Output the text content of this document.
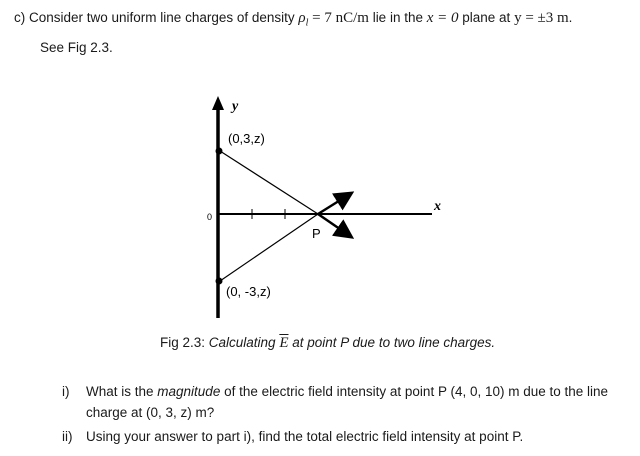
c) Consider two uniform line charges of density $\rho_l = 7$ nC/m lie in the x = 0 plane at y = ±3 m.
See Fig 2.3.
y
x
0
(0,3,z)
(0, -3,z)
P
Fig 2.3: Calculating $\overline{E}$ at point P due to two line charges.
i) What is the magnitude of the electric field intensity at point P (4, 0, 10) m due to the line
charge at (0, 3, z) m?
ii) Using your answer to part i), find the total electric field intensity at point P.
